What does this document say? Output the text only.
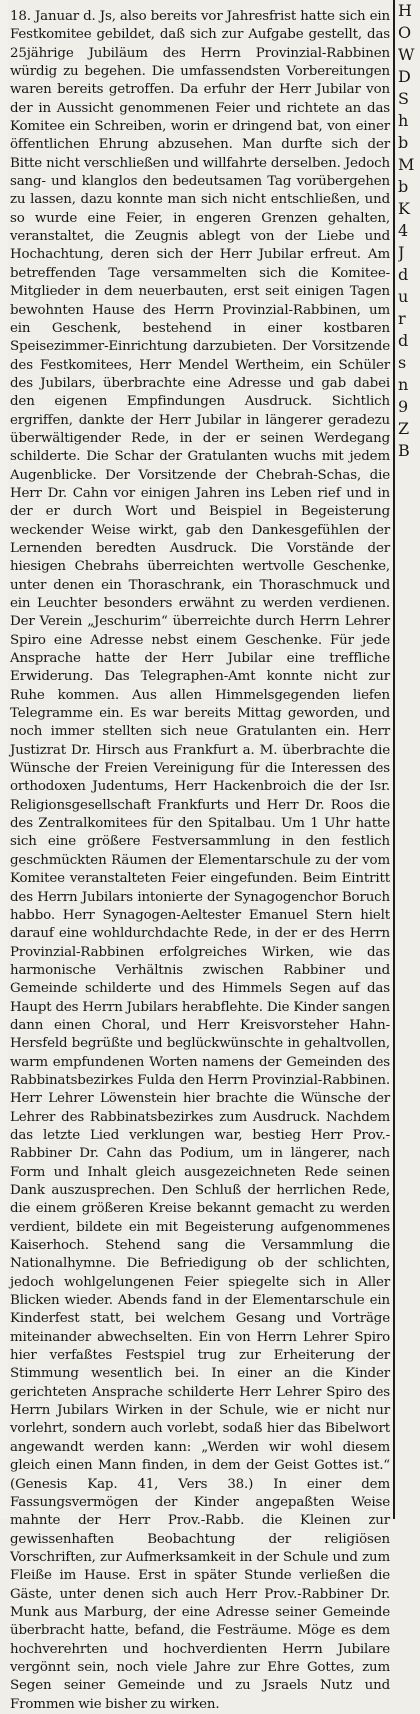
18. Januar d. Js, also bereits vor Jahresfrist hatte sich ein Festkomitee gebildet, daß sich zur Aufgabe gestellt, das 25jährige Jubiläum des Herrn Provinzial-Rabbinen würdig zu begehen. Die umfassendsten Vorbereitungen waren bereits getroffen. Da erfuhr der Herr Jubilar von der in Aussicht genommenen Feier und richtete an das Komitee ein Schreiben, worin er dringend bat, von einer öffentlichen Ehrung abzusehen. Man durfte sich der Bitte nicht verschließen und willfahrte derselben. Jedoch sang- und klanglos den bedeutsamen Tag vorübergehen zu lassen, dazu konnte man sich nicht entschließen, und so wurde eine Feier, in engeren Grenzen gehalten, veranstaltet, die Zeugnis ablegt von der Liebe und Hochachtung, deren sich der Herr Jubilar erfreut. Am betreffenden Tage versammelten sich die Komitee-Mitglieder in dem neuerbauten, erst seit einigen Tagen bewohnten Hause des Herrn Provinzial-Rabbinen, um ein Geschenk, bestehend in einer kostbaren Speisezimmer-Einrichtung darzubieten. Der Vorsitzende des Festkomitees, Herr Mendel Wertheim, ein Schüler des Jubilars, überbrachte eine Adresse und gab dabei den eigenen Empfindungen Ausdruck. Sichtlich ergriffen, dankte der Herr Jubilar in längerer geradezu überwältigender Rede, in der er seinen Werdegang schilderte. Die Schar der Gratulanten wuchs mit jedem Augenblicke. Der Vorsitzende der Chebrah-Schas, die Herr Dr. Cahn vor einigen Jahren ins Leben rief und in der er durch Wort und Beispiel in Begeisterung weckender Weise wirkt, gab den Dankesgefühlen der Lernenden beredten Ausdruck. Die Vorstände der hiesigen Chebrahs überreichten wertvolle Geschenke, unter denen ein Thoraschrank, ein Thoraschmuck und ein Leuchter besonders erwähnt zu werden verdienen. Der Verein „Jeschurim“ überreichte durch Herrn Lehrer Spiro eine Adresse nebst einem Geschenke. Für jede Ansprache hatte der Herr Jubilar eine treffliche Erwiderung. Das Telegraphen-Amt konnte nicht zur Ruhe kommen. Aus allen Himmelsgegenden liefen Telegramme ein. Es war bereits Mittag geworden, und noch immer stellten sich neue Gratulanten ein. Herr Justizrat Dr. Hirsch aus Frankfurt a. M. überbrachte die Wünsche der Freien Vereinigung für die Interessen des orthodoxen Judentums, Herr Hackenbroich die der Isr. Religionsgesellschaft Frankfurts und Herr Dr. Roos die des Zentralkomitees für den Spitalbau. Um 1 Uhr hatte sich eine größere Festversammlung in den festlich geschmückten Räumen der Elementarschule zu der vom Komitee veranstalteten Feier eingefunden. Beim Eintritt des Herrn Jubilars intonierte der Synagogenchor Boruch habbo. Herr Synagogen-Aeltester Emanuel Stern hielt darauf eine wohldurchdachte Rede, in der er des Herrn Provinzial-Rabbinen erfolgreiches Wirken, wie das harmonische Verhältnis zwischen Rabbiner und Gemeinde schilderte und des Himmels Segen auf das Haupt des Herrn Jubilars herabflehte. Die Kinder sangen dann einen Choral, und Herr Kreisvorsteher Hahn-Hersfeld begrüßte und beglückwünschte in gehaltvollen, warm empfundenen Worten namens der Gemeinden des Rabbinatsbezirkes Fulda den Herrn Provinzial-Rabbinen. Herr Lehrer Löwenstein hier brachte die Wünsche der Lehrer des Rabbinatsbezirkes zum Ausdruck. Nachdem das letzte Lied verklungen war, bestieg Herr Prov.-Rabbiner Dr. Cahn das Podium, um in längerer, nach Form und Inhalt gleich ausgezeichneten Rede seinen Dank auszusprechen. Den Schluß der herrlichen Rede, die einem größeren Kreise bekannt gemacht zu werden verdient, bildete ein mit Begeisterung aufgenommenes Kaiserhoch. Stehend sang die Versammlung die Nationalhymne. Die Befriedigung ob der schlichten, jedoch wohlgelungenen Feier spiegelte sich in Aller Blicken wieder. Abends fand in der Elementarschule ein Kinderfest statt, bei welchem Gesang und Vorträge miteinander abwechselten. Ein von Herrn Lehrer Spiro hier verfaßtes Festspiel trug zur Erheiterung der Stimmung wesentlich bei. In einer an die Kinder gerichteten Ansprache schilderte Herr Lehrer Spiro des Herrn Jubilars Wirken in der Schule, wie er nicht nur vorlehrt, sondern auch vorlebt, sodaß hier das Bibelwort angewandt werden kann: „Werden wir wohl diesem gleich einen Mann finden, in dem der Geist Gottes ist.“ (Genesis Kap. 41, Vers 38.) In einer dem Fassungsvermögen der Kinder angepaßten Weise mahnte der Herr Prov.-Rabb. die Kleinen zur gewissenhaften Beobachtung der religiösen Vorschriften, zur Aufmerksamkeit in der Schule und zum Fleiße im Hause. Erst in später Stunde verließen die Gäste, unter denen sich auch Herr Prov.-Rabbiner Dr. Munk aus Marburg, der eine Adresse seiner Gemeinde überbracht hatte, befand, die Festräume. Möge es dem hochverehrten und hochverdienten Herrn Jubilare vergönnt sein, noch viele Jahre zur Ehre Gottes, zum Segen seiner Gemeinde und zu Jsraels Nutz und Frommen wie bisher zu wirken.

H
O
W
D
S
h
b
M
b
K
4
J
d
u
r
d
s
n
9
Z
B
